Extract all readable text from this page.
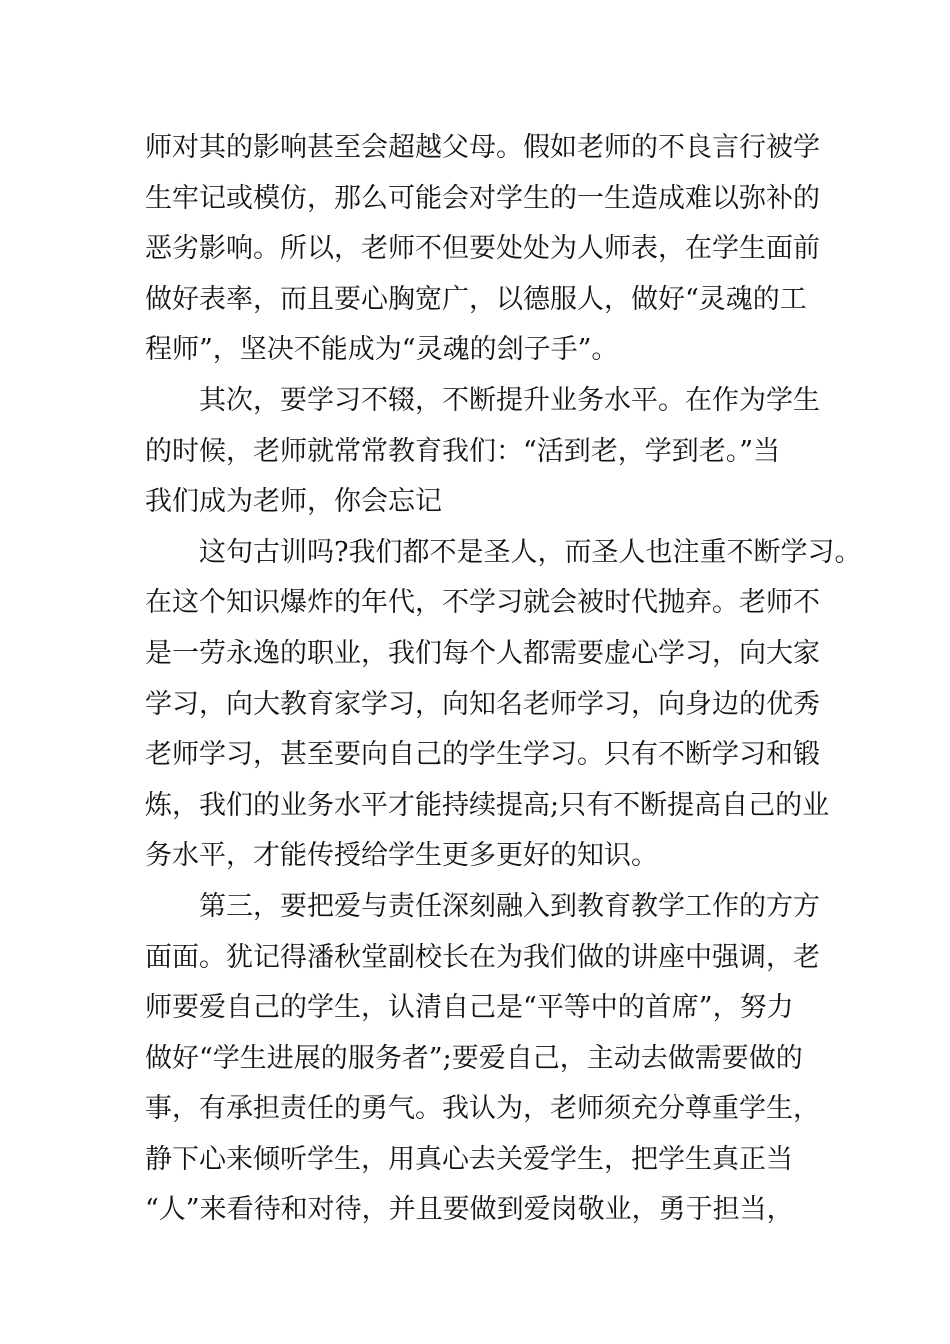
师对其的影响甚至会超越父母。假如老师的不良言行被学
生牢记或模仿，那么可能会对学生的一生造成难以弥补的
恶劣影响。所以，老师不但要处处为人师表，在学生面前
做好表率，而且要心胸宽广，以德服人，做好“灵魂的工
程师”，坚决不能成为“灵魂的刽子手”。
其次，要学习不辍，不断提升业务水平。在作为学生
的时候，老师就常常教育我们：“活到老，学到老。”当
我们成为老师，你会忘记
这句古训吗?我们都不是圣人，而圣人也注重不断学习。
在这个知识爆炸的年代，不学习就会被时代抛弃。老师不
是一劳永逸的职业，我们每个人都需要虚心学习，向大家
学习，向大教育家学习，向知名老师学习，向身边的优秀
老师学习，甚至要向自己的学生学习。只有不断学习和锻
炼，我们的业务水平才能持续提高;只有不断提高自己的业
务水平，才能传授给学生更多更好的知识。
第三，要把爱与责任深刻融入到教育教学工作的方方
面面。犹记得潘秋堂副校长在为我们做的讲座中强调，老
师要爱自己的学生，认清自己是“平等中的首席”，努力
做好“学生进展的服务者”;要爱自己，主动去做需要做的
事，有承担责任的勇气。我认为，老师须充分尊重学生，
静下心来倾听学生，用真心去关爱学生，把学生真正当
“人”来看待和对待，并且要做到爱岗敬业，勇于担当，
